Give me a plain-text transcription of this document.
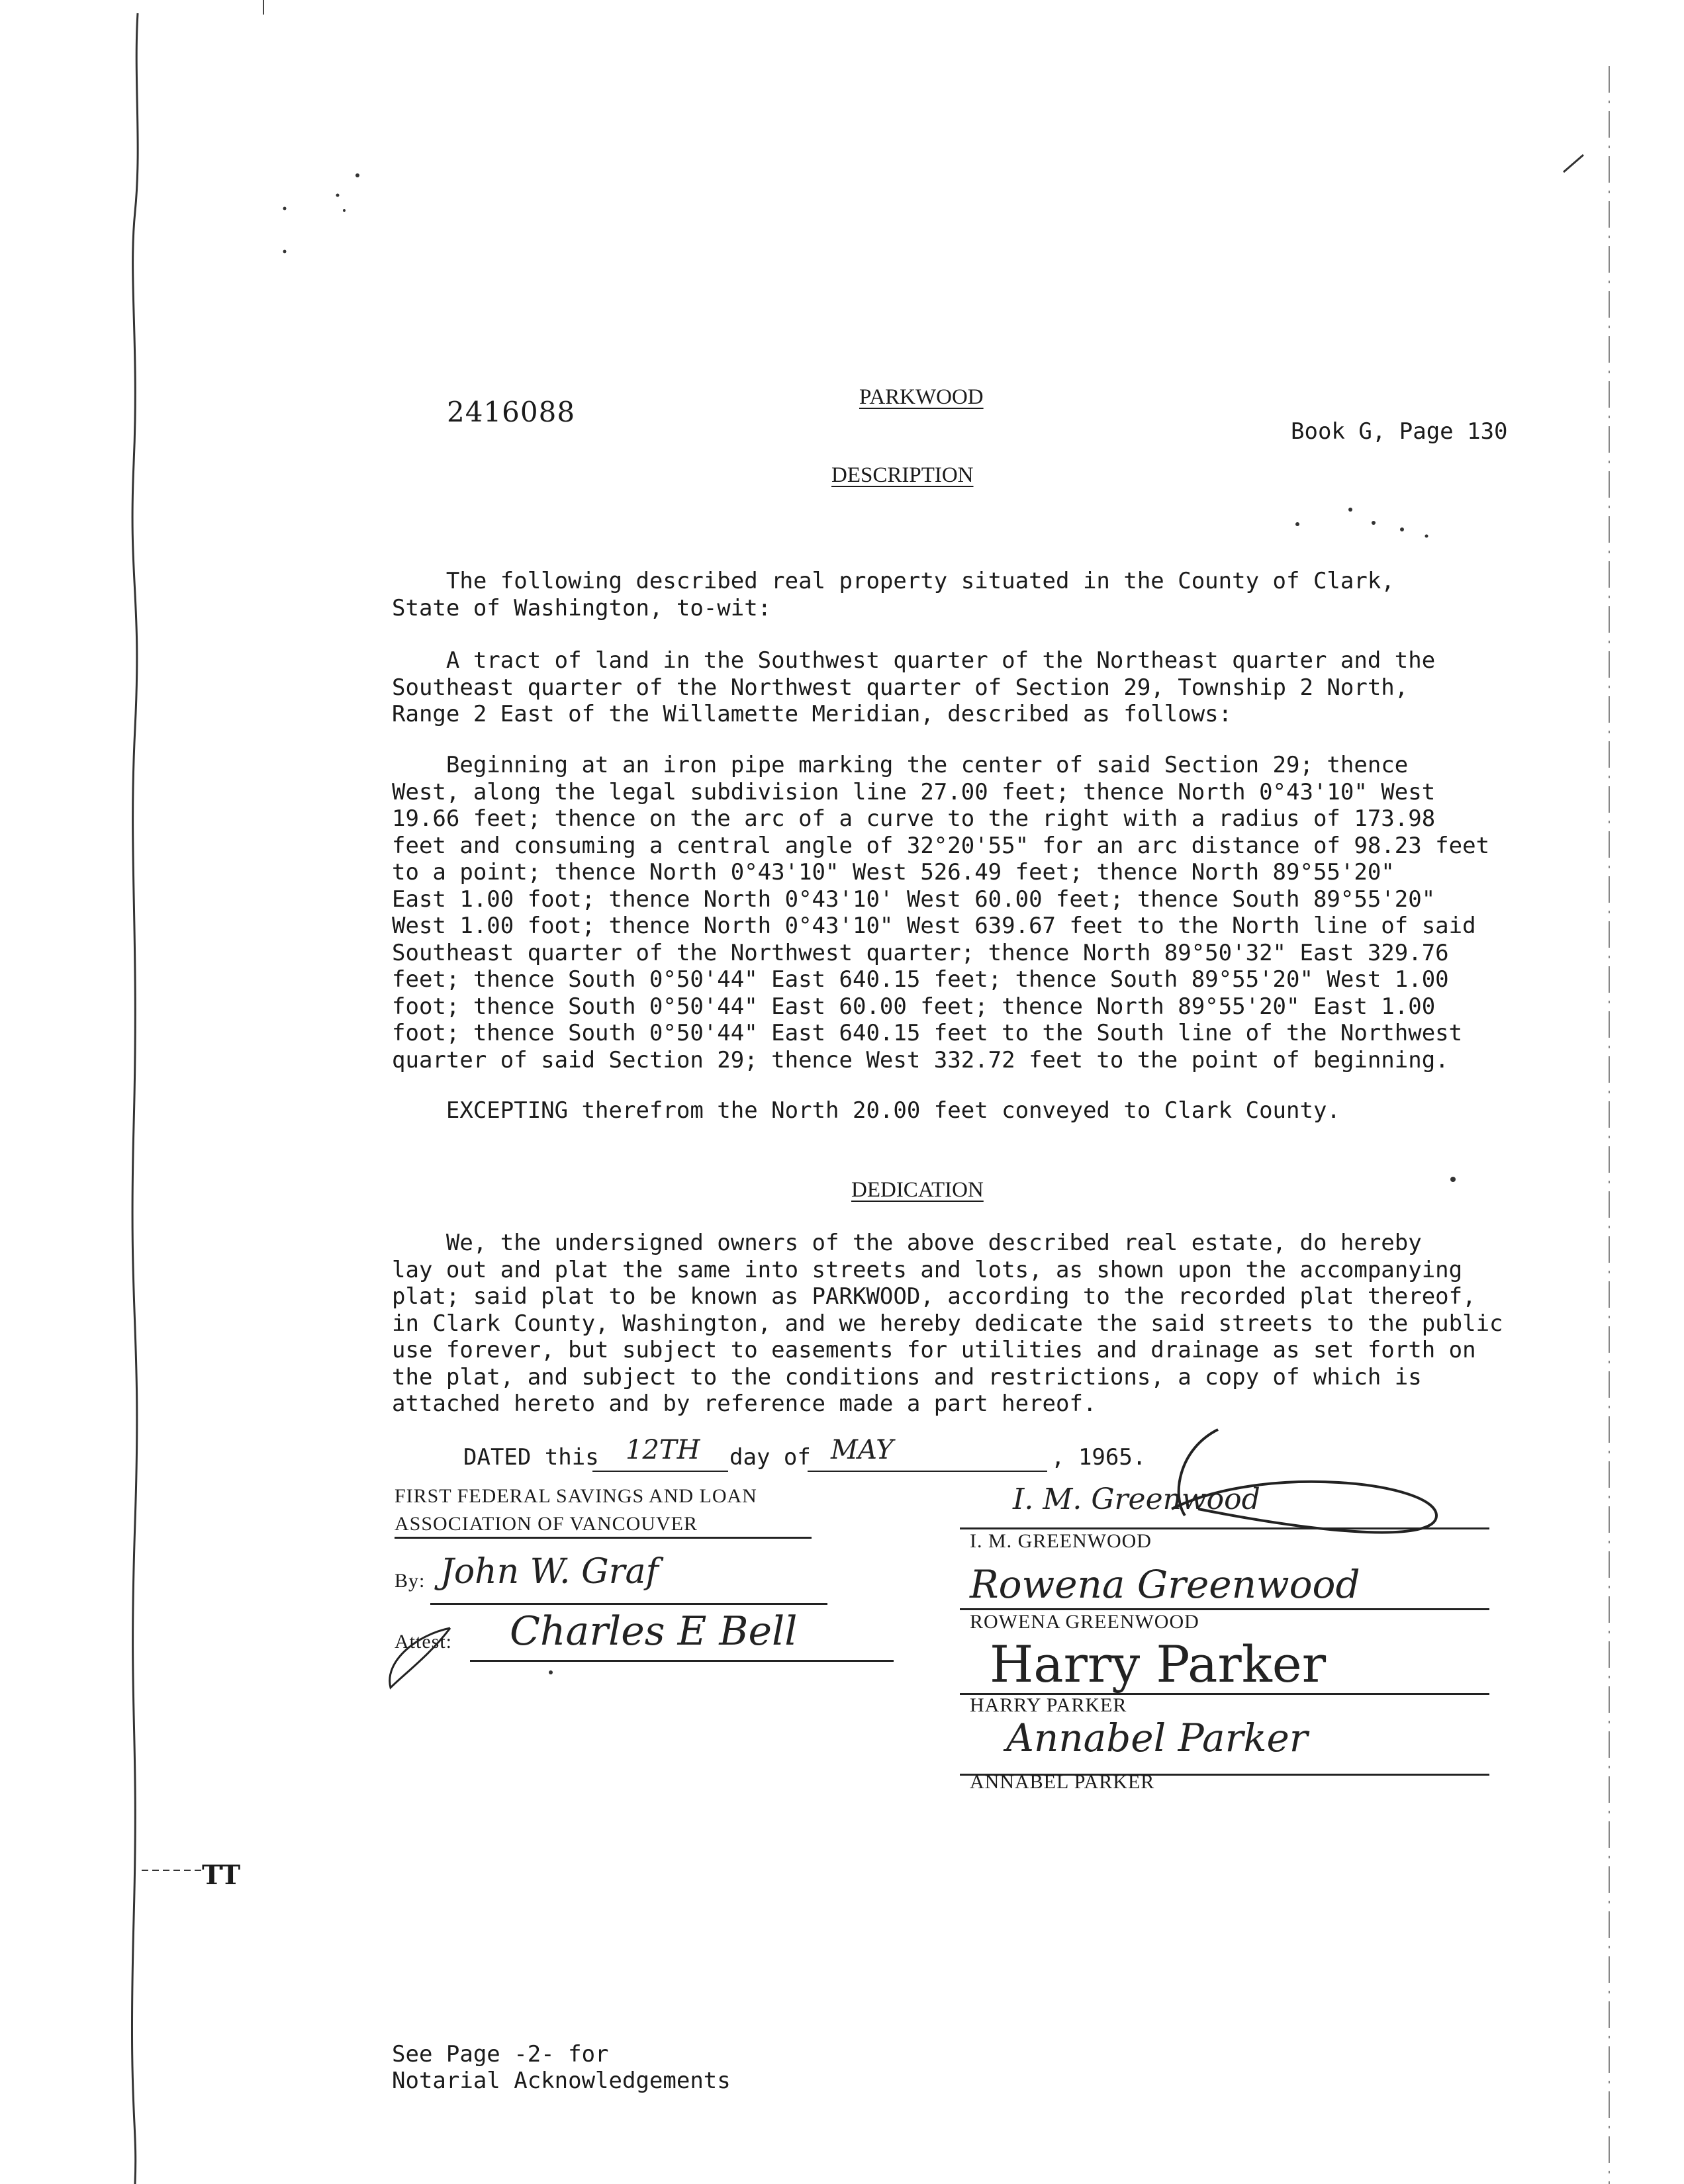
2416088	PARKWOOD
Book G, Page 130
DESCRIPTION
The following described real property situated in the County of Clark,
State of Washington, to-wit:
A tract of land in the Southwest quarter of the Northeast quarter and the
Southeast quarter of the Northwest quarter of Section 29, Township 2 North,
Range 2 East of the Willamette Meridian, described as follows:
Beginning at an iron pipe marking the center of said Section 29; thence
West, along the legal subdivision line 27.00 feet; thence North 0°43'10" West
19.66 feet; thence on the arc of a curve to the right with a radius of 173.98
feet and consuming a central angle of 32°20'55" for an arc distance of 98.23 feet
to a point; thence North 0°43'10" West 526.49 feet; thence North 89°55'20"
East 1.00 foot; thence North 0°43'10' West 60.00 feet; thence South 89°55'20"
West 1.00 foot; thence North 0°43'10" West 639.67 feet to the North line of said
Southeast quarter of the Northwest quarter; thence North 89°50'32" East 329.76
feet; thence South 0°50'44" East 640.15 feet; thence South 89°55'20" West 1.00
foot; thence South 0°50'44" East 60.00 feet; thence North 89°55'20" East 1.00
foot; thence South 0°50'44" East 640.15 feet to the South line of the Northwest
quarter of said Section 29; thence West 332.72 feet to the point of beginning.
EXCEPTING therefrom the North 20.00 feet conveyed to Clark County.
DEDICATION
We, the undersigned owners of the above described real estate, do hereby
lay out and plat the same into streets and lots, as shown upon the accompanying
plat; said plat to be known as PARKWOOD, according to the recorded plat thereof,
in Clark County, Washington, and we hereby dedicate the said streets to the public
use forever, but subject to easements for utilities and drainage as set forth on
the plat, and subject to the conditions and restrictions, a copy of which is
attached hereto and by reference made a part hereof.
DATED this 12TH day of MAY	, 1965.
FIRST FEDERAL SAVINGS AND LOAN
ASSOCIATION OF VANCOUVER
By: John W. Graf
Attest: Charles E Bell
I. M. Greenwood
I. M. GREENWOOD
Rowena Greenwood
ROWENA GREENWOOD
Harry Parker
HARRY PARKER
Annabel Parker
ANNABEL PARKER
TT
See Page -2- for
Notarial Acknowledgements
